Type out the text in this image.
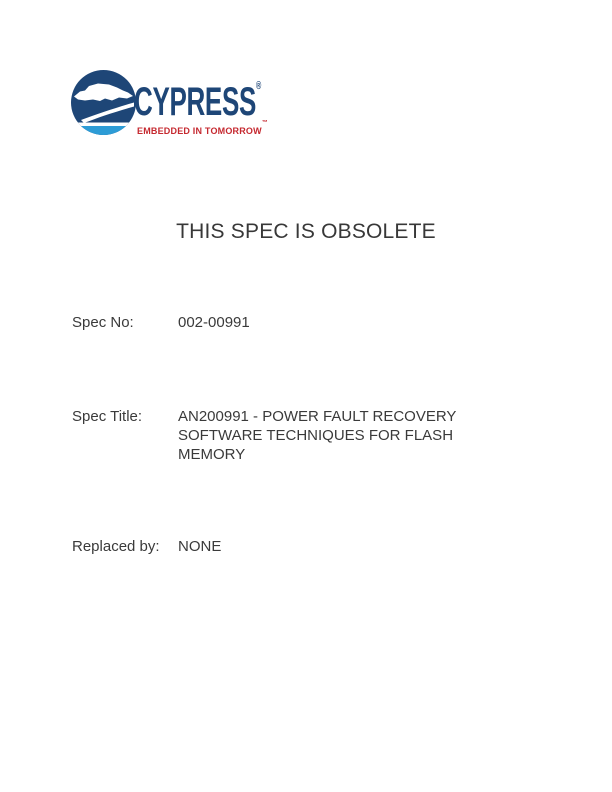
CYPRESS®
EMBEDDED IN TOMORROW™
THIS SPEC IS OBSOLETE
Spec No:	002-00991
Spec Title: AN200991 - POWER FAULT RECOVERY SOFTWARE TECHNIQUES FOR FLASH MEMORY
Replaced by: NONE
